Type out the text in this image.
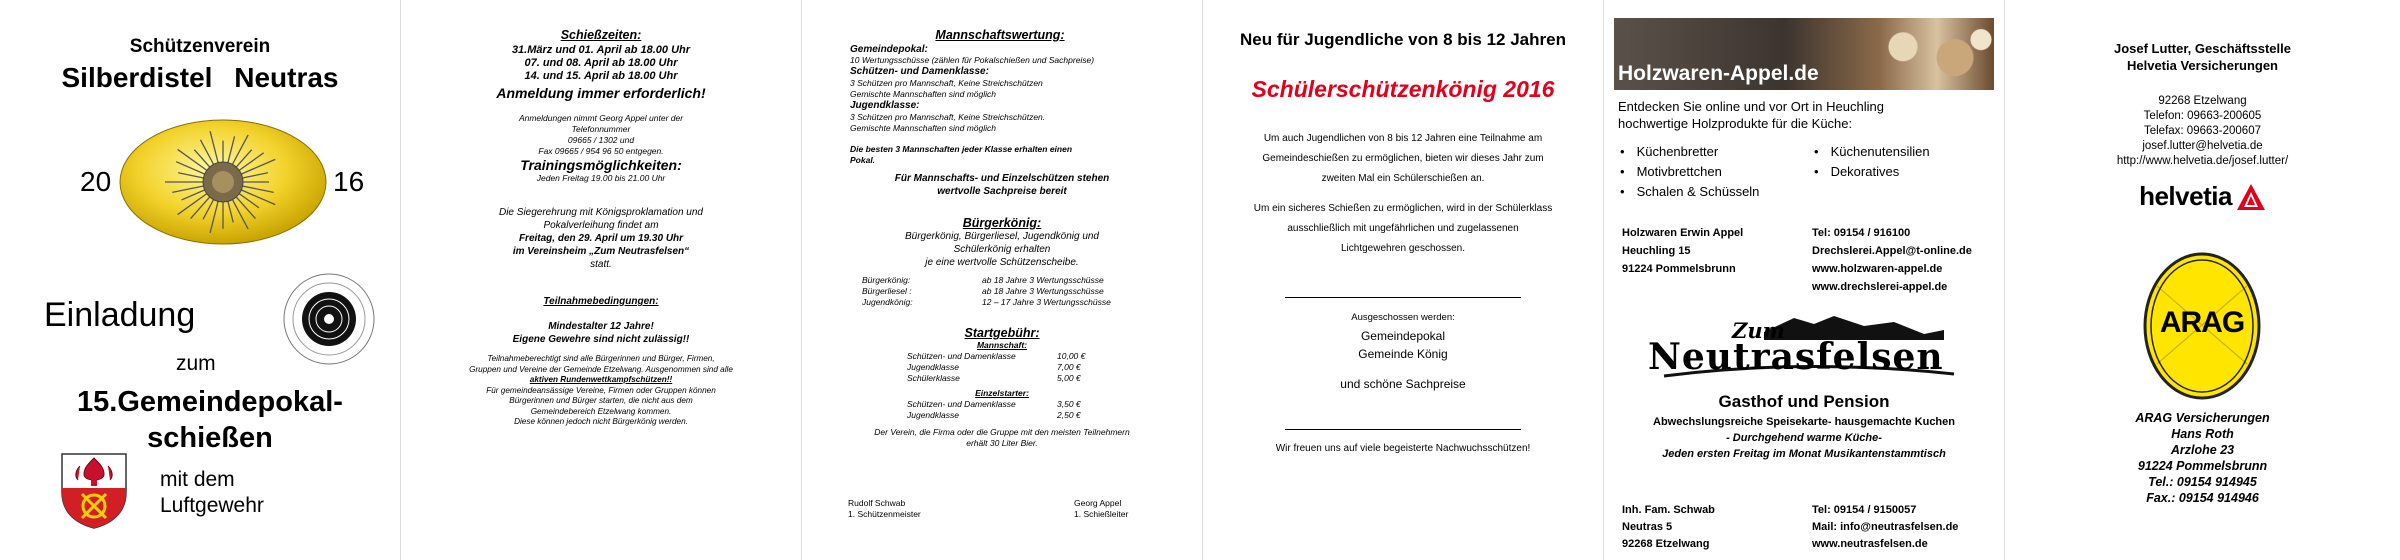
Schützenverein
Silberdistel Neutras
20	16
Einladung
zum
15.Gemeindepokal-
schießen
mit dem
Luftgewehr
Schießzeiten:
31.März und 01. April ab 18.00 Uhr
07. und 08. April ab 18.00 Uhr
14. und 15. April ab 18.00 Uhr
Anmeldung immer erforderlich!
Anmeldungen nimmt Georg Appel unter der
Telefonnummer
09665 / 1302 und
Fax 09665 / 954 96 50 entgegen.
Trainingsmöglichkeiten:
Jeden Freitag 19.00 bis 21.00 Uhr
Die Siegerehrung mit Königsproklamation und
Pokalverleihung findet am
Freitag, den 29. April um 19.30 Uhr
im Vereinsheim „Zum Neutrasfelsen“
statt.
Teilnahmebedingungen:
Mindestalter 12 Jahre!
Eigene Gewehre sind nicht zulässig!!
Teilnahmeberechtigt sind alle Bürgerinnen und Bürger, Firmen,
Gruppen und Vereine der Gemeinde Etzelwang. Ausgenommen sind alle
aktiven Rundenwettkampfschützen!!
Für gemeindeansässige Vereine, Firmen oder Gruppen können
Bürgerinnen und Bürger starten, die nicht aus dem
Gemeindebereich Etzelwang kommen.
Diese können jedoch nicht Bürgerkönig werden.
Mannschaftswertung:
Gemeindepokal:
10 Wertungsschüsse (zählen für Pokalschießen und Sachpreise)
Schützen- und Damenklasse:
3 Schützen pro Mannschaft, Keine Streichschützen
Gemischte Mannschaften sind möglich
Jugendklasse:
3 Schützen pro Mannschaft, Keine Streichschützen.
Gemischte Mannschaften sind möglich
Die besten 3 Mannschaften jeder Klasse erhalten einen
Pokal.
Für Mannschafts- und Einzelschützen stehen
wertvolle Sachpreise bereit
Bürgerkönig:
Bürgerkönig, Bürgerliesel, Jugendkönig und
Schülerkönig erhalten
je eine wertvolle Schützenscheibe.
Bürgerkönig:	ab 18 Jahre 3 Wertungsschüsse
Bürgerliesel :	ab 18 Jahre 3 Wertungsschüsse
Jugendkönig:	12 – 17 Jahre 3 Wertungsschüsse
Startgebühr:
Mannschaft:
Schützen- und Damenklasse	10,00 €
Jugendklasse	7,00 €
Schülerklasse	5,00 €
Einzelstarter:
Schützen- und Damenklasse	3,50 €
Jugendklasse	2,50 €
Der Verein, die Firma oder die Gruppe mit den meisten Teilnehmern
erhält 30 Liter Bier.
Rudolf Schwab
1. Schützenmeister
Georg Appel
1. Schießleiter
Neu für Jugendliche von 8 bis 12 Jahren
Schülerschützenkönig 2016
Um auch Jugendlichen von 8 bis 12 Jahren eine Teilnahme am
Gemeindeschießen zu ermöglichen, bieten wir dieses Jahr zum
zweiten Mal ein Schülerschießen an.
Um ein sicheres Schießen zu ermöglichen, wird in der Schülerklass
ausschließlich mit ungefährlichen und zugelassenen
Lichtgewehren geschossen.
Ausgeschossen werden:
Gemeindepokal
Gemeinde König
und schöne Sachpreise
Wir freuen uns auf viele begeisterte Nachwuchsschützen!
Holzwaren-Appel.de
Entdecken Sie online und vor Ort in Heuchling
hochwertige Holzprodukte für die Küche:
• Küchenbretter
• Motivbrettchen
• Schalen & Schüsseln
• Küchenutensilien
• Dekoratives
Holzwaren Erwin Appel
Heuchling 15
91224 Pommelsbrunn
Tel: 09154 / 916100
Drechslerei.Appel@t-online.de
www.holzwaren-appel.de
www.drechslerei-appel.de
Zum
Neutrasfelsen
Gasthof und Pension
Abwechslungsreiche Speisekarte- hausgemachte Kuchen
- Durchgehend warme Küche-
Jeden ersten Freitag im Monat Musikantenstammtisch
Inh. Fam. Schwab
Neutras 5
92268 Etzelwang
Tel: 09154 / 9150057
Mail: info@neutrasfelsen.de
www.neutrasfelsen.de
Josef Lutter, Geschäftsstelle
Helvetia Versicherungen
92268 Etzelwang
Telefon: 09663-200605
Telefax: 09663-200607
josef.lutter@helvetia.de
http://www.helvetia.de/josef.lutter/
helvetia
ARAG
ARAG Versicherungen
Hans Roth
Arzlohe 23
91224 Pommelsbrunn
Tel.: 09154 914945
Fax.: 09154 914946
